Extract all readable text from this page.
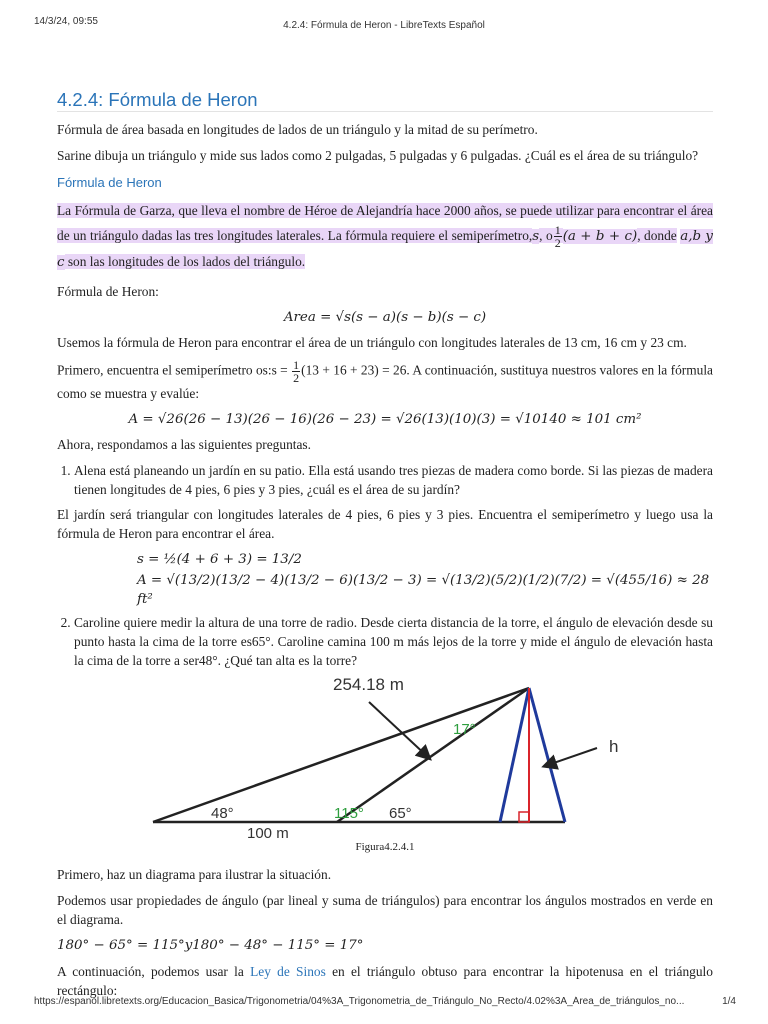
14/3/24, 09:55	4.2.4: Fórmula de Heron - LibreTexts Español
4.2.4: Fórmula de Heron

Fórmula de área basada en longitudes de lados de un triángulo y la mitad de su perímetro.

Sarine dibuja un triángulo y mide sus lados como 2 pulgadas, 5 pulgadas y 6 pulgadas. ¿Cuál es el área de su triángulo?

Fórmula de Heron

La Fórmula de Garza, que lleva el nombre de Héroe de Alejandría hace 2000 años, se puede utilizar para encontrar el área de un triángulo dadas las tres longitudes laterales. La fórmula requiere el semiperímetro,s, o $\frac{1}{2} (a + b + c)$, donde a,b y c son las longitudes de los lados del triángulo.

Fórmula de Heron:

Area = √s(s − a)(s − b)(s − c)

Usemos la fórmula de Heron para encontrar el área de un triángulo con longitudes laterales de 13 cm, 16 cm y 23 cm.

Primero, encuentra el semiperímetro os:s = $\frac{1}{2} (13 + 16 + 23) = 26$. A continuación, sustituya nuestros valores en la fórmula como se muestra y evalúe:

A = √26(26 − 13)(26 − 16)(26 − 23) = √26(13)(10)(3) = √10140 ≈ 101 cm²

Ahora, respondamos a las siguientes preguntas.

1. Alena está planeando un jardín en su patio. Ella está usando tres piezas de madera como borde. Si las piezas de madera tienen longitudes de 4 pies, 6 pies y 3 pies, ¿cuál es el área de su jardín?

El jardín será triangular con longitudes laterales de 4 pies, 6 pies y 3 pies. Encuentra el semiperímetro y luego usa la fórmula de Heron para encontrar el área.

s = ½(4 + 6 + 3) = 13/2
A = √(13/2)(13/2 − 4)(13/2 − 6)(13/2 − 3) = √(13/2)(5/2)(1/2)(7/2) = √(455/16) ≈ 28 ft²
2. Caroline quiere medir la altura de una torre de radio. Desde cierta distancia de la torre, el ángulo de elevación desde su punto hasta la cima de la torre es65°. Caroline camina 100 m más lejos de la torre y mide el ángulo de elevación hasta la cima de la torre a ser48°. ¿Qué tan alta es la torre?
254.18 m
17°
h
48°	115° 65°
100 m
Figura4.2.4.1

Primero, haz un diagrama para ilustrar la situación.

Podemos usar propiedades de ángulo (par lineal y suma de triángulos) para encontrar los ángulos mostrados en verde en el diagrama.

180° − 65° = 115°y180° − 48° − 115° = 17°

A continuación, podemos usar la Ley de Sinos en el triángulo obtuso para encontrar la hipotenusa en el triángulo rectángulo:

https://espanol.libretexts.org/Educacion_Basica/Trigonometria/04%3A_Trigonometria_de_Triángulo_No_Recto/4.02%3A_Área_de_triángulos_no...	1/4
